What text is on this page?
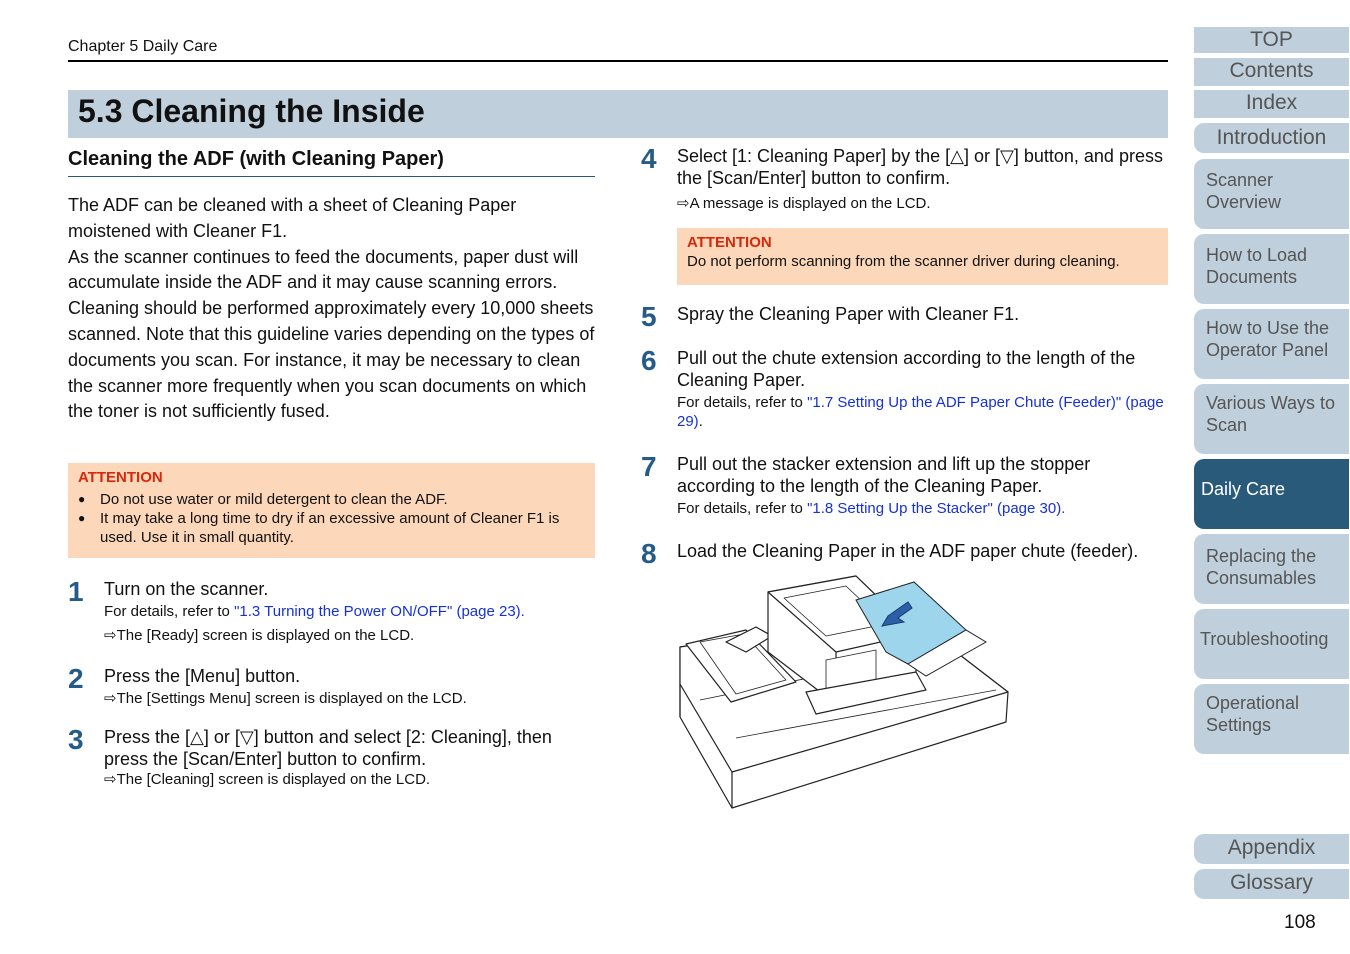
Chapter 5 Daily Care
5.3 Cleaning the Inside
Cleaning the ADF (with Cleaning Paper)

The ADF can be cleaned with a sheet of Cleaning Paper moistened with Cleaner F1.

As the scanner continues to feed the documents, paper dust will accumulate inside the ADF and it may cause scanning errors.

Cleaning should be performed approximately every 10,000 sheets scanned. Note that this guideline varies depending on the types of documents you scan. For instance, it may be necessary to clean the scanner more frequently when you scan documents on which the toner is not sufficiently fused.

ATTENTION
● Do not use water or mild detergent to clean the ADF.
● It may take a long time to dry if an excessive amount of Cleaner F1 is used. Use it in small quantity.
1 Turn on the scanner.
For details, refer to "1.3 Turning the Power ON/OFF" (page 23).
⇨The [Ready] screen is displayed on the LCD.
2 Press the [Menu] button.
⇨The [Settings Menu] screen is displayed on the LCD.
3 Press the [△] or [▽] button and select [2: Cleaning], then press the [Scan/Enter] button to confirm.
⇨The [Cleaning] screen is displayed on the LCD.
4 Select [1: Cleaning Paper] by the [△] or [▽] button, and press the [Scan/Enter] button to confirm.
⇨A message is displayed on the LCD.
ATTENTION
Do not perform scanning from the scanner driver during cleaning.
5 Spray the Cleaning Paper with Cleaner F1.
6 Pull out the chute extension according to the length of the Cleaning Paper.
For details, refer to "1.7 Setting Up the ADF Paper Chute (Feeder)" (page 29).
7 Pull out the stacker extension and lift up the stopper according to the length of the Cleaning Paper.
For details, refer to "1.8 Setting Up the Stacker" (page 30).
8 Load the Cleaning Paper in the ADF paper chute (feeder).
TOP
Contents
Index
Introduction
Scanner Overview
How to Load Documents
How to Use the Operator Panel
Various Ways to Scan
Daily Care
Replacing the Consumables
Troubleshooting
Operational Settings
Appendix
Glossary
108
